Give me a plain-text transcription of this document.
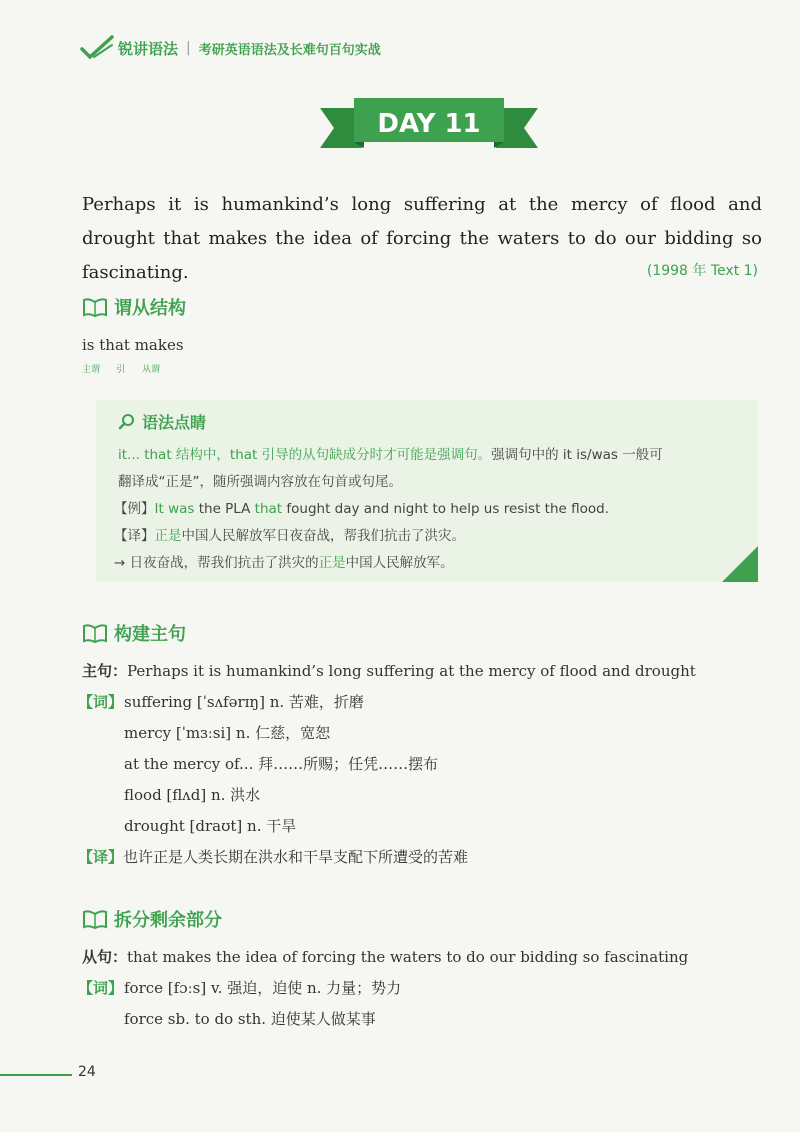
锐讲语法 | 考研英语语法及长难句百句实战
DAY 11
Perhaps it is humankind’s long suffering at the mercy of flood and drought that makes the idea of forcing the waters to do our bidding so fascinating.	(1998 年 Text 1)
谓从结构
is that makes
主谓 引 从谓
语法点睛
it... that 结构中，that 引导的从句缺成分时才可能是强调句。强调句中的 it is/was 一般可
翻译成“正是”，随所强调内容放在句首或句尾。
【例】It was the PLA that fought day and night to help us resist the flood.
【译】正是中国人民解放军日夜奋战，帮我们抗击了洪灾。
→ 日夜奋战，帮我们抗击了洪灾的正是中国人民解放军。
构建主句
主句：Perhaps it is humankind’s long suffering at the mercy of flood and drought
【词】 suffering [ˈsʌfərɪŋ] n. 苦难，折磨
mercy [ˈmɜːsi] n. 仁慈，宽恕
at the mercy of... 拜……所赐；任凭……摆布
flood [flʌd] n. 洪水
drought [draʊt] n. 干旱
【译】也许正是人类长期在洪水和干旱支配下所遭受的苦难
拆分剩余部分
从句：that makes the idea of forcing the waters to do our bidding so fascinating
【词】 force [fɔːs] v. 强迫，迫使 n. 力量；势力
force sb. to do sth. 迫使某人做某事
24
